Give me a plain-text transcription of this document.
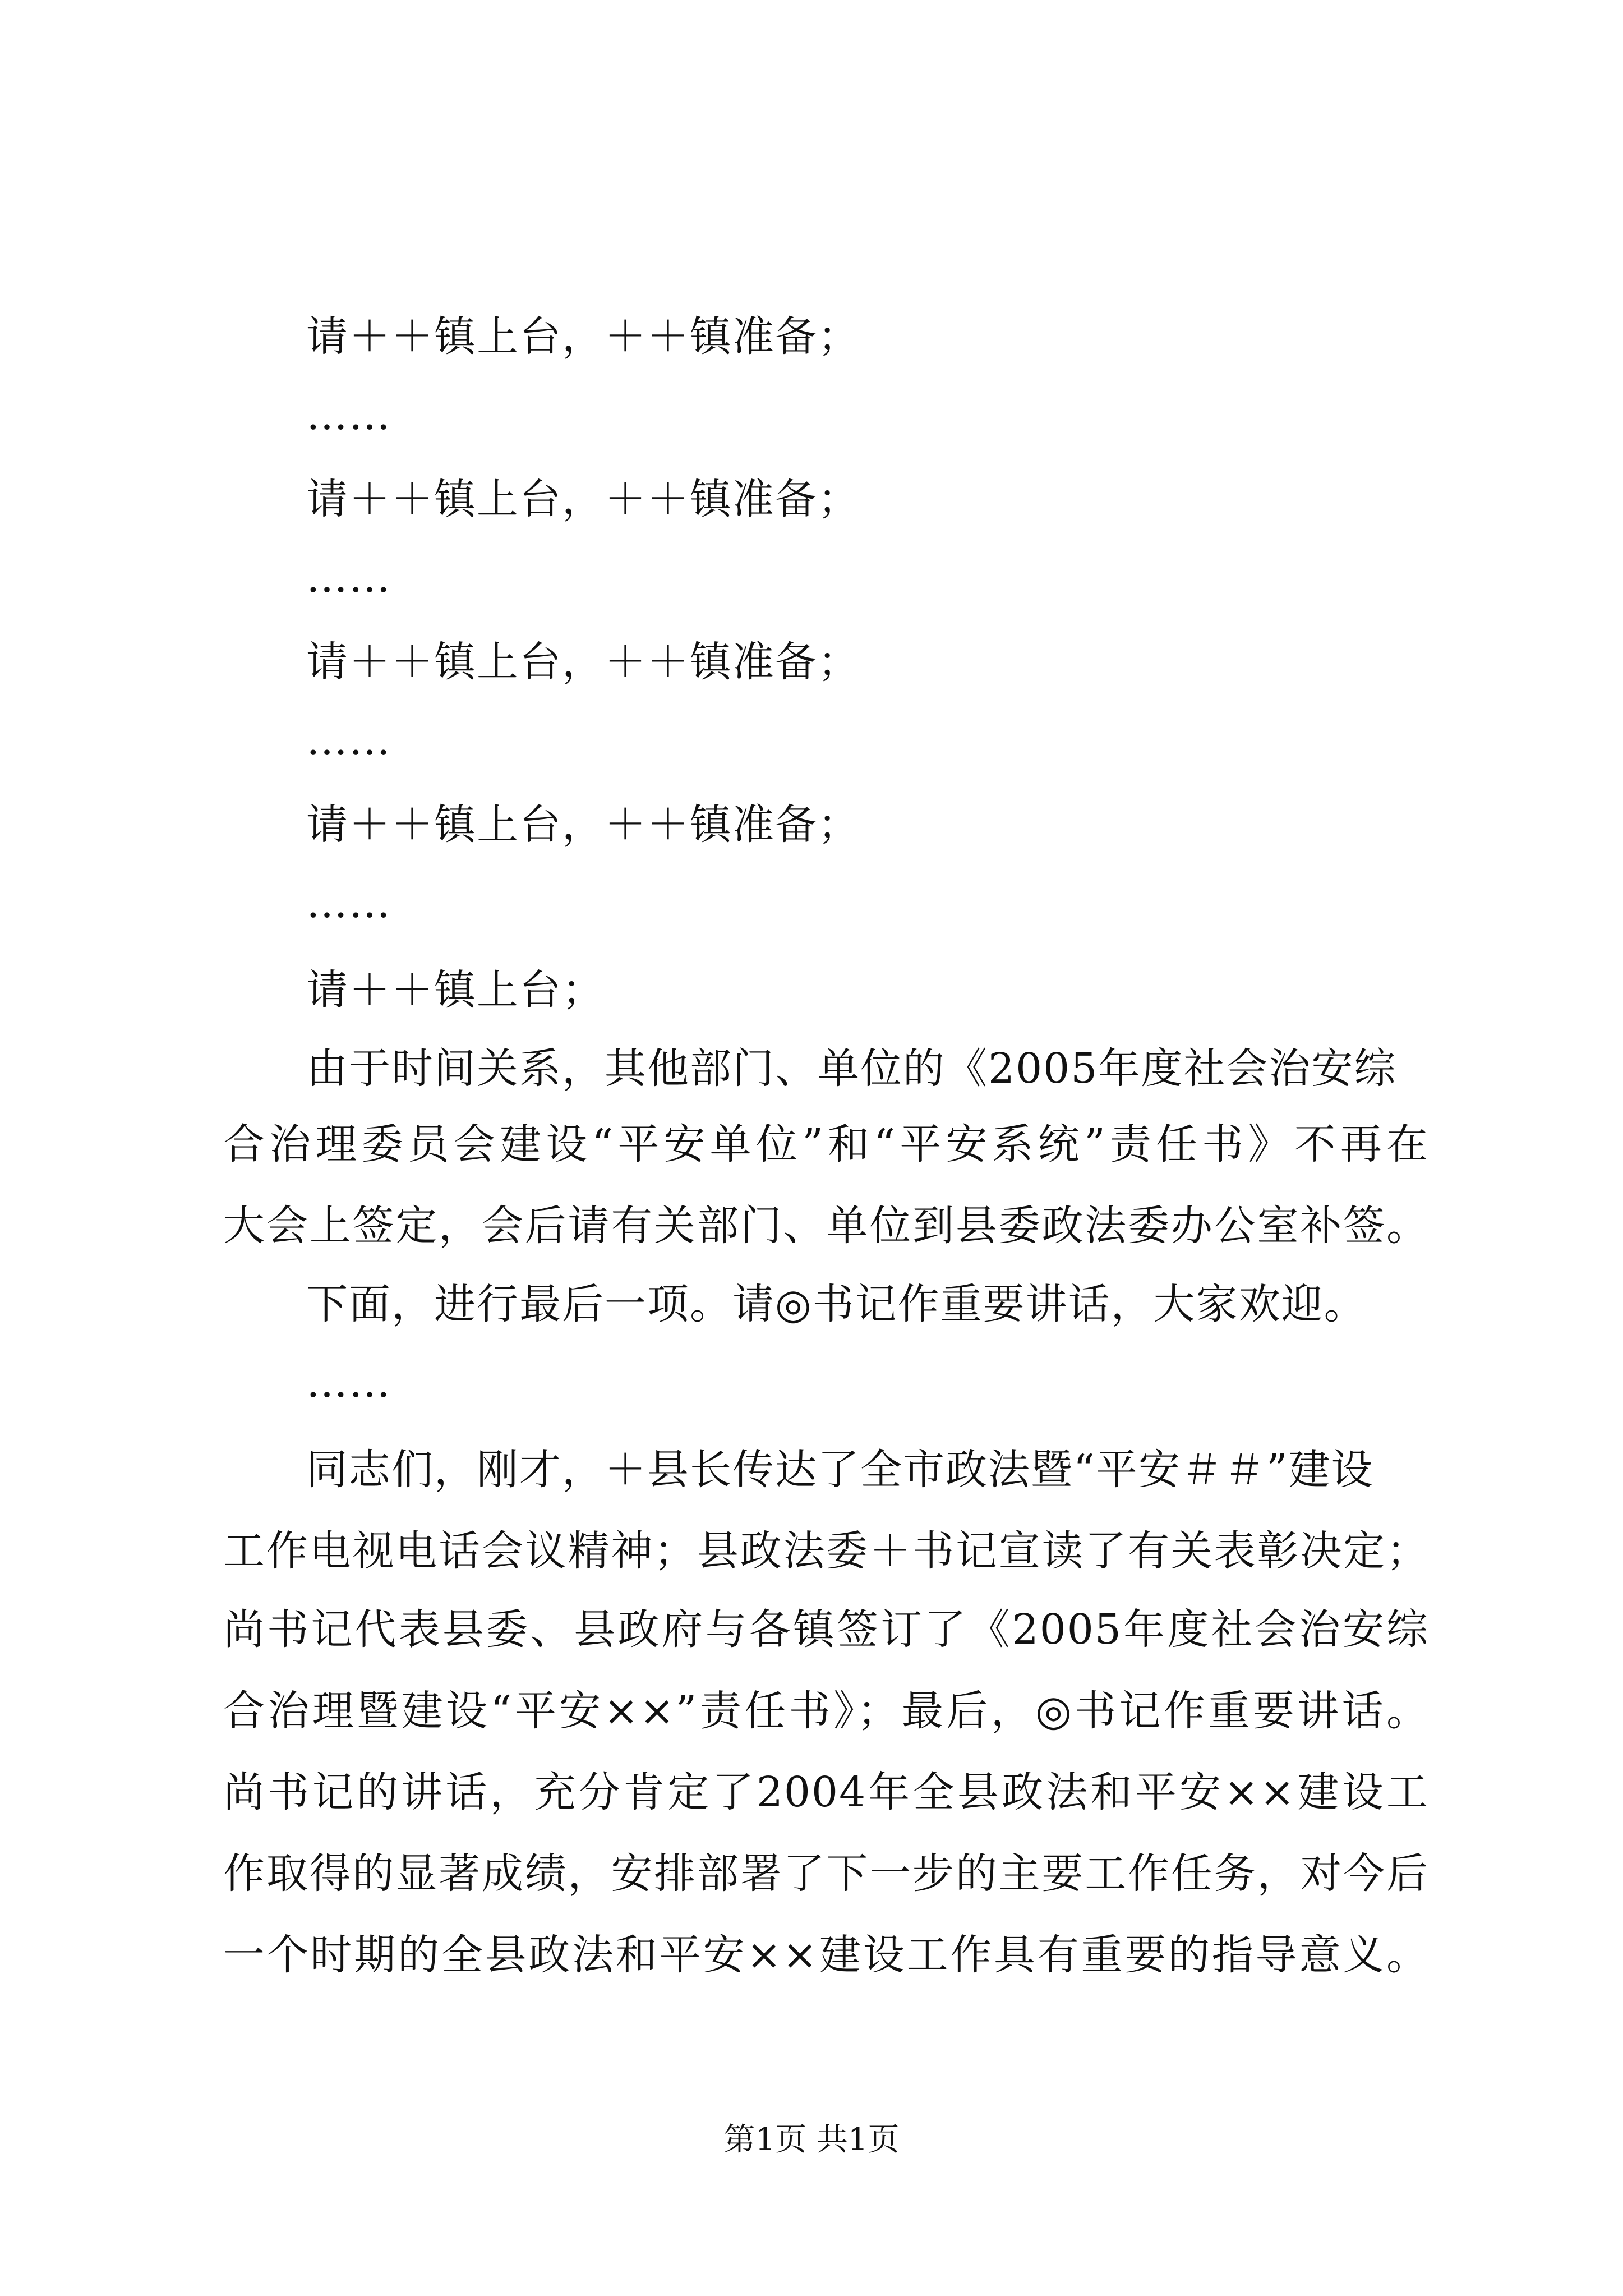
请＋＋镇上台，＋＋镇准备；
……
请＋＋镇上台，＋＋镇准备；
……
请＋＋镇上台，＋＋镇准备；
……
请＋＋镇上台，＋＋镇准备；
……
请＋＋镇上台；
由于时间关系，其他部门、单位的《2005年度社会治安综
合治理委员会建设“平安单位”和“平安系统”责任书》不再在
大会上签定，会后请有关部门、单位到县委政法委办公室补签。
下面，进行最后一项。请◎书记作重要讲话，大家欢迎。
……
同志们，刚才，＋县长传达了全市政法暨“平安＃＃”建设
工作电视电话会议精神；县政法委＋书记宣读了有关表彰决定；
尚书记代表县委、县政府与各镇签订了《2005年度社会治安综
合治理暨建设“平安××”责任书》；最后，◎书记作重要讲话。
尚书记的讲话，充分肯定了2004年全县政法和平安××建设工
作取得的显著成绩，安排部署了下一步的主要工作任务，对今后
一个时期的全县政法和平安××建设工作具有重要的指导意义。
第1页 共1页
